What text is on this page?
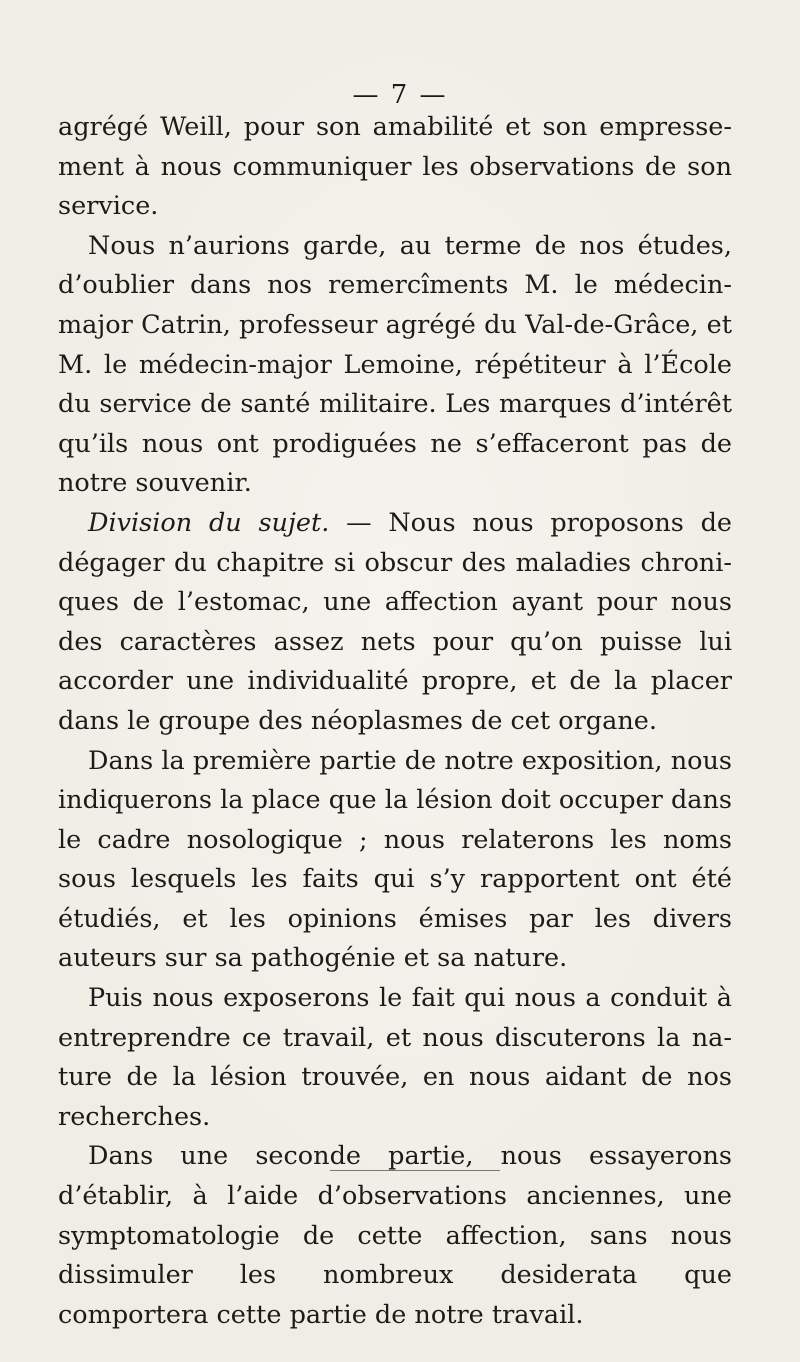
— 7 —

agrégé Weill, pour son amabilité et son empresse-ment à nous communiquer les observations de son service.

Nous n’aurions garde, au terme de nos études, d’oublier dans nos remercîments M. le médecin-major Catrin, professeur agrégé du Val-de-Grâce, et M. le médecin-major Lemoine, répétiteur à l’École du service de santé militaire. Les marques d’intérêt qu’ils nous ont prodiguées ne s’effaceront pas de notre souvenir.

Division du sujet. — Nous nous proposons de dégager du chapitre si obscur des maladies chroni-ques de l’estomac, une affection ayant pour nous des caractères assez nets pour qu’on puisse lui accorder une individualité propre, et de la placer dans le groupe des néoplasmes de cet organe.

Dans la première partie de notre exposition, nous indiquerons la place que la lésion doit occuper dans le cadre nosologique ; nous relaterons les noms sous lesquels les faits qui s’y rapportent ont été étudiés, et les opinions émises par les divers auteurs sur sa pathogénie et sa nature.

Puis nous exposerons le fait qui nous a conduit à entreprendre ce travail, et nous discuterons la na-ture de la lésion trouvée, en nous aidant de nos recherches.

Dans une seconde partie, nous essayerons d’établir, à l’aide d’observations anciennes, une symptomatologie de cette affection, sans nous dissimuler les nombreux desiderata que comportera cette partie de notre travail.
